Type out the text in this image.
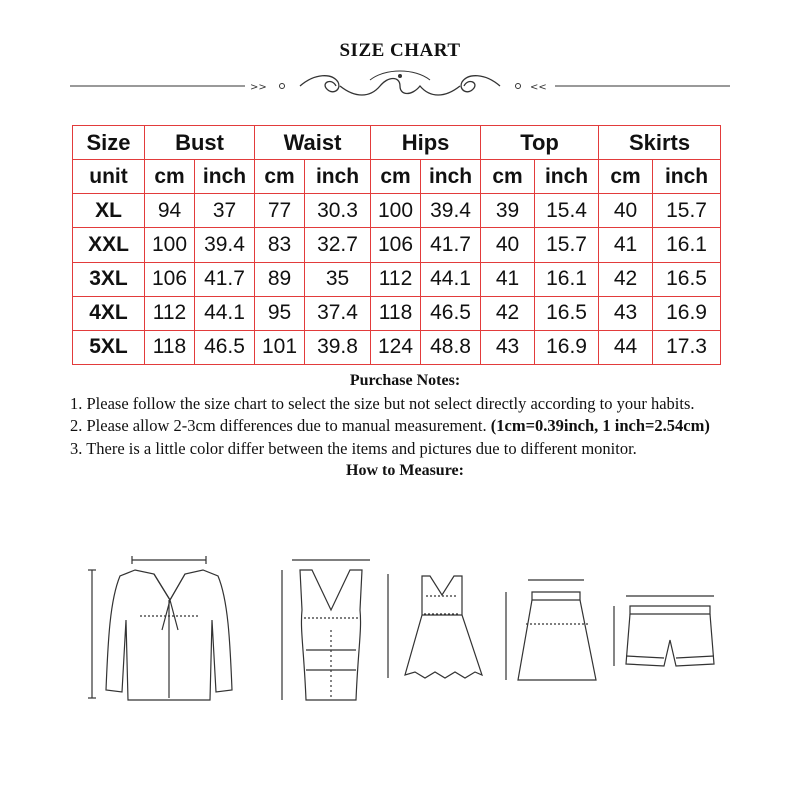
SIZE CHART
>>	<<
Size	Bust		Waist		Hips		Top		Skirts	
unit	cm	inch	cm	inch	cm	inch	cm	inch	cm	inch
XL	94	37	77	30.3	100	39.4	39	15.4	40	15.7
XXL	100	39.4	83	32.7	106	41.7	40	15.7	41	16.1
3XL	106	41.7	89	35	112	44.1	41	16.1	42	16.5
4XL	112	44.1	95	37.4	118	46.5	42	16.5	43	16.9
5XL	118	46.5	101	39.8	124	48.8	43	16.9	44	17.3
Purchase Notes:
1. Please follow the size chart to select the size but not select directly according to your habits.
2. Please allow 2-3cm differences due to manual measurement. (1cm=0.39inch, 1 inch=2.54cm)
3. There is a little color differ between the items and pictures due to different monitor.
How to Measure:
Shoulder
Bust
Length	Sleeve
Shoulder
Bust
Length
Bust
Waist
Length
Waist
Hips
Length
Waist
Length
